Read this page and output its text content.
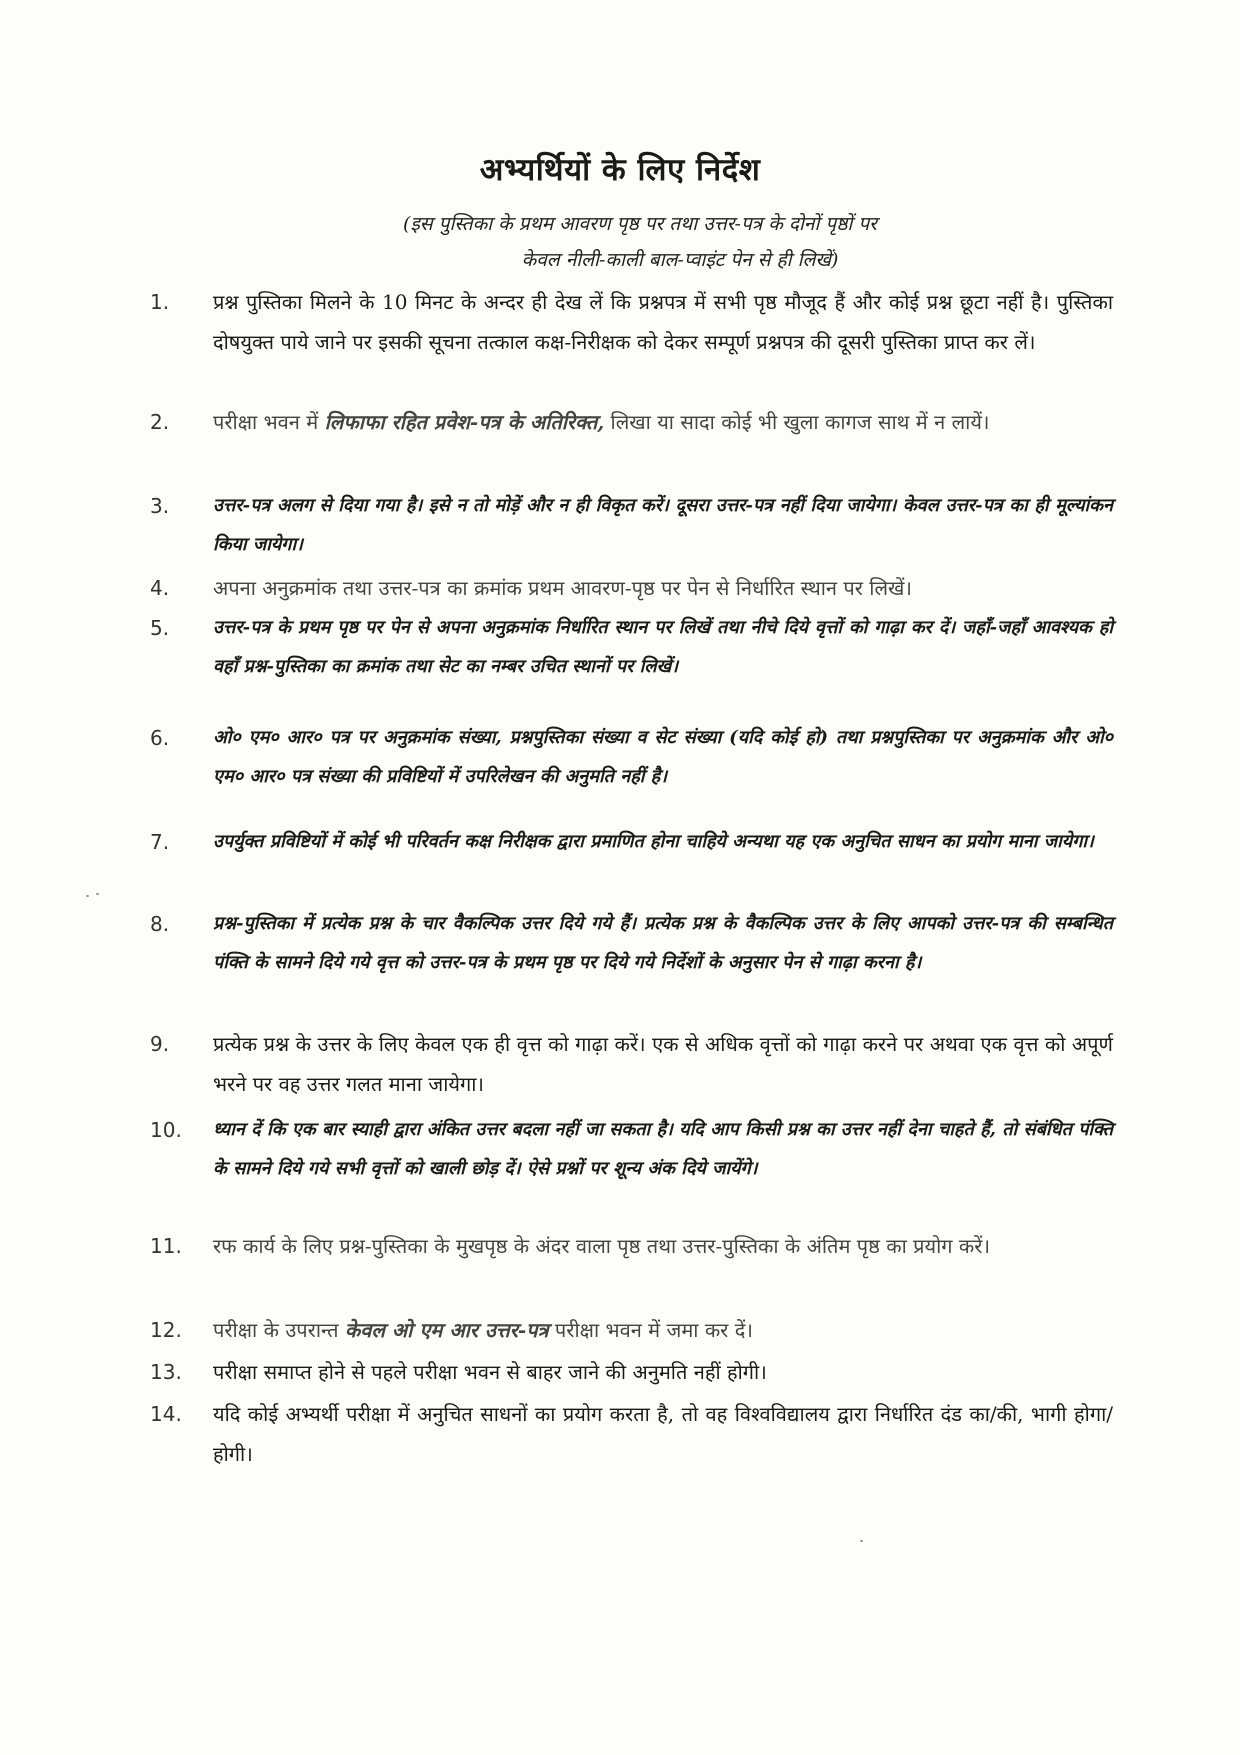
अभ्यर्थियों के लिए निर्देश
(इस पुस्तिका के प्रथम आवरण पृष्ठ पर तथा उत्तर-पत्र के दोनों पृष्ठों पर
केवल नीली-काली बाल-प्वाइंट पेन से ही लिखें)
1.	प्रश्न पुस्तिका मिलने के 10 मिनट के अन्दर ही देख लें कि प्रश्नपत्र में सभी पृष्ठ मौजूद हैं और कोई प्रश्न छूटा नहीं है। पुस्तिका दोषयुक्त पाये जाने पर इसकी सूचना तत्काल कक्ष-निरीक्षक को देकर सम्पूर्ण प्रश्नपत्र की दूसरी पुस्तिका प्राप्त कर लें।
2.	परीक्षा भवन में लिफाफा रहित प्रवेश-पत्र के अतिरिक्त, लिखा या सादा कोई भी खुला कागज साथ में न लायें।
3.	उत्तर-पत्र अलग से दिया गया है। इसे न तो मोड़ें और न ही विकृत करें। दूसरा उत्तर-पत्र नहीं दिया जायेगा। केवल उत्तर-पत्र का ही मूल्यांकन किया जायेगा।
4.	अपना अनुक्रमांक तथा उत्तर-पत्र का क्रमांक प्रथम आवरण-पृष्ठ पर पेन से निर्धारित स्थान पर लिखें।
5.	उत्तर-पत्र के प्रथम पृष्ठ पर पेन से अपना अनुक्रमांक निर्धारित स्थान पर लिखें तथा नीचे दिये वृत्तों को गाढ़ा कर दें। जहाँ-जहाँ आवश्यक हो वहाँ प्रश्न-पुस्तिका का क्रमांक तथा सेट का नम्बर उचित स्थानों पर लिखें।
6.	ओ० एम० आर० पत्र पर अनुक्रमांक संख्या, प्रश्नपुस्तिका संख्या व सेट संख्या (यदि कोई हो) तथा प्रश्नपुस्तिका पर अनुक्रमांक और ओ० एम० आर० पत्र संख्या की प्रविष्टियों में उपरिलेखन की अनुमति नहीं है।
7.	उपर्युक्त प्रविष्टियों में कोई भी परिवर्तन कक्ष निरीक्षक द्वारा प्रमाणित होना चाहिये अन्यथा यह एक अनुचित साधन का प्रयोग माना जायेगा।
8.	प्रश्न-पुस्तिका में प्रत्येक प्रश्न के चार वैकल्पिक उत्तर दिये गये हैं। प्रत्येक प्रश्न के वैकल्पिक उत्तर के लिए आपको उत्तर-पत्र की सम्बन्धित पंक्ति के सामने दिये गये वृत्त को उत्तर-पत्र के प्रथम पृष्ठ पर दिये गये निर्देशों के अनुसार पेन से गाढ़ा करना है।
9.	प्रत्येक प्रश्न के उत्तर के लिए केवल एक ही वृत्त को गाढ़ा करें। एक से अधिक वृत्तों को गाढ़ा करने पर अथवा एक वृत्त को अपूर्ण भरने पर वह उत्तर गलत माना जायेगा।
10.	ध्यान दें कि एक बार स्याही द्वारा अंकित उत्तर बदला नहीं जा सकता है। यदि आप किसी प्रश्न का उत्तर नहीं देना चाहते हैं, तो संबंधित पंक्ति के सामने दिये गये सभी वृत्तों को खाली छोड़ दें। ऐसे प्रश्नों पर शून्य अंक दिये जायेंगे।
11.	रफ कार्य के लिए प्रश्न-पुस्तिका के मुखपृष्ठ के अंदर वाला पृष्ठ तथा उत्तर-पुस्तिका के अंतिम पृष्ठ का प्रयोग करें।
12.	परीक्षा के उपरान्त केवल ओ एम आर उत्तर-पत्र परीक्षा भवन में जमा कर दें।
13.	परीक्षा समाप्त होने से पहले परीक्षा भवन से बाहर जाने की अनुमति नहीं होगी।
14.	यदि कोई अभ्यर्थी परीक्षा में अनुचित साधनों का प्रयोग करता है, तो वह विश्वविद्यालय द्वारा निर्धारित दंड का/की, भागी होगा/होगी।
